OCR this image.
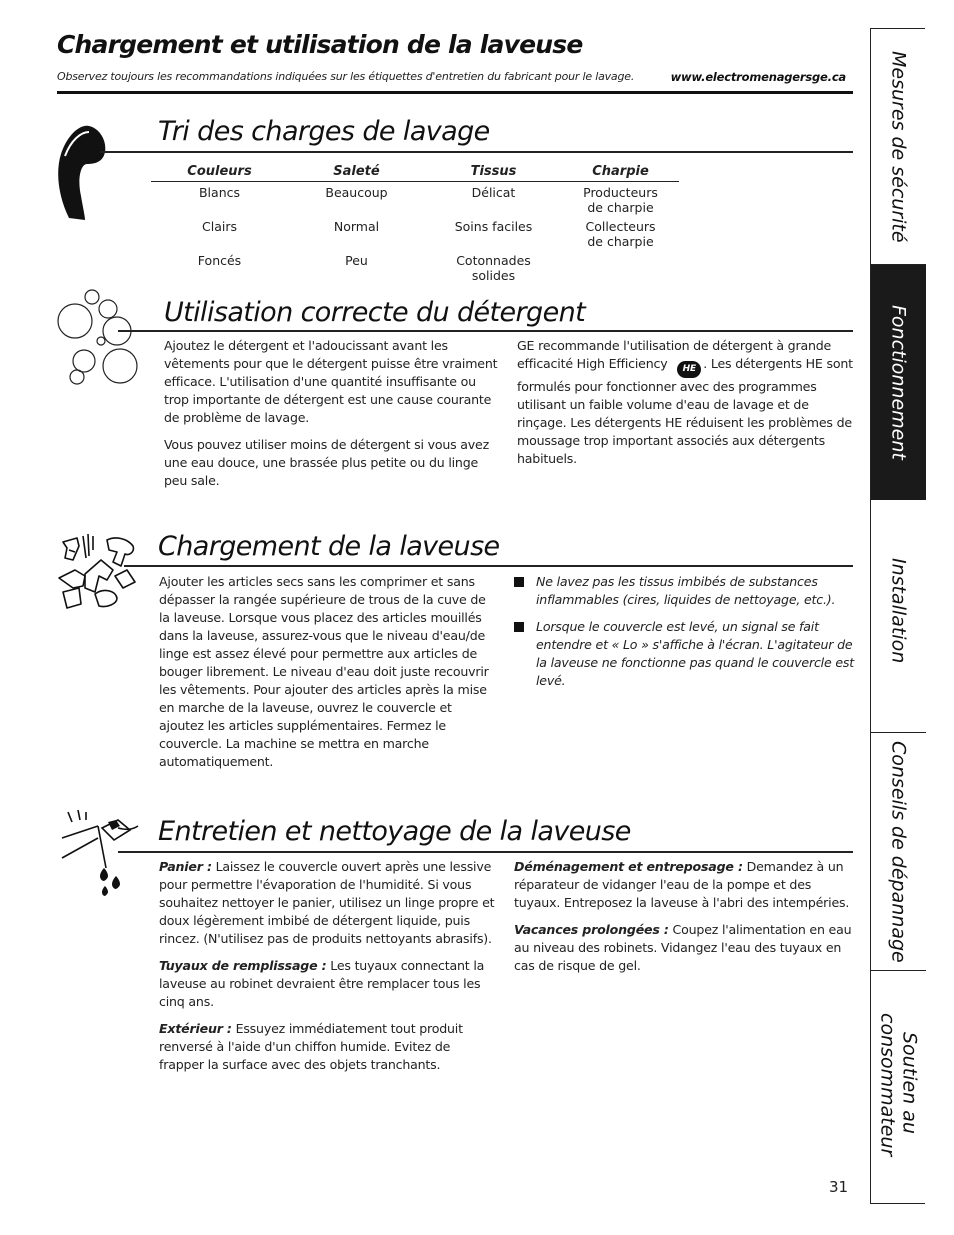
Chargement et utilisation de la laveuse
Observez toujours les recommandations indiquées sur les étiquettes d'entretien du fabricant pour le lavage.	www.electromenagersge.ca
Tri des charges de lavage
Couleurs	Saleté	Tissus	Charpie
Blancs	Beaucoup	Délicat	Producteurs de charpie
Clairs	Normal	Soins faciles	Collecteurs de charpie
Foncés	Peu	Cotonnades solides	
Utilisation correcte du détergent

Ajoutez le détergent et l'adoucissant avant les vêtements pour que le détergent puisse être vraiment efficace. L'utilisation d'une quantité insuffisante ou trop importante de détergent est une cause courante de problème de lavage.

Vous pouvez utiliser moins de détergent si vous avez une eau douce, une brassée plus petite ou du linge peu sale.

GE recommande l'utilisation de détergent à grande efficacité High Efficiency HE . Les détergents HE sont formulés pour fonctionner avec des programmes utilisant un faible volume d'eau de lavage et de rinçage. Les détergents HE réduisent les problèmes de moussage trop important associés aux détergents habituels.

Chargement de la laveuse

Ajouter les articles secs sans les comprimer et sans dépasser la rangée supérieure de trous de la cuve de la laveuse. Lorsque vous placez des articles mouillés dans la laveuse, assurez-vous que le niveau d'eau/de linge est assez élevé pour permettre aux articles de bouger librement. Le niveau d'eau doit juste recouvrir les vêtements. Pour ajouter des articles après la mise en marche de la laveuse, ouvrez le couvercle et ajoutez les articles supplémentaires. Fermez le couvercle. La machine se mettra en marche automatiquement.

Ne lavez pas les tissus imbibés de substances inflammables (cires, liquides de nettoyage, etc.).
Lorsque le couvercle est levé, un signal se fait entendre et « Lo » s'affiche à l'écran. L'agitateur de la laveuse ne fonctionne pas quand le couvercle est levé.
Entretien et nettoyage de la laveuse

Panier : Laissez le couvercle ouvert après une lessive pour permettre l'évaporation de l'humidité. Si vous souhaitez nettoyer le panier, utilisez un linge propre et doux légèrement imbibé de détergent liquide, puis rincez. (N'utilisez pas de produits nettoyants abrasifs).

Tuyaux de remplissage : Les tuyaux connectant la laveuse au robinet devraient être remplacer tous les cinq ans.

Extérieur : Essuyez immédiatement tout produit renversé à l'aide d'un chiffon humide. Evitez de frapper la surface avec des objets tranchants.

Déménagement et entreposage : Demandez à un réparateur de vidanger l'eau de la pompe et des tuyaux. Entreposez la laveuse à l'abri des intempéries.

Vacances prolongées : Coupez l'alimentation en eau au niveau des robinets. Vidangez l'eau des tuyaux en cas de risque de gel.

Mesures de sécurité
Fonctionnement
Installation
Conseils de dépannage
Soutien au consommateur
31
